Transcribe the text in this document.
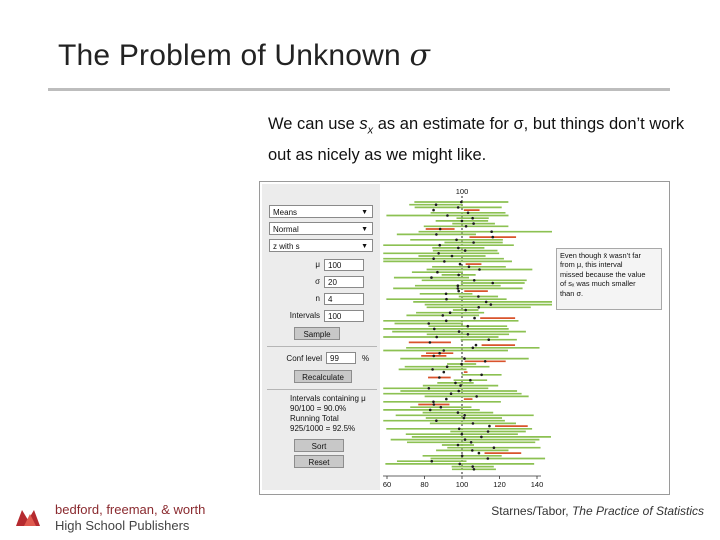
The Problem of Unknown σ
We can use $s_x$ as an estimate for σ, but things don’t work out as nicely as we might like.
Means	▼
Normal	▼
z with s	▼
μ	100
σ	20
n	4
Intervals	100
Sample
Conf level	99	%
Recalculate
Intervals containing μ
90/100 = 90.0%
Running Total
925/1000 = 92.5%
Sort
Reset
100
60	80	100	120	140
Even though x̄ wasn’t far
from μ, this interval
missed because the value
of sₓ was much smaller
than σ.
bedford, freeman, & worth
High School Publishers
Starnes/Tabor, The Practice of Statistics
